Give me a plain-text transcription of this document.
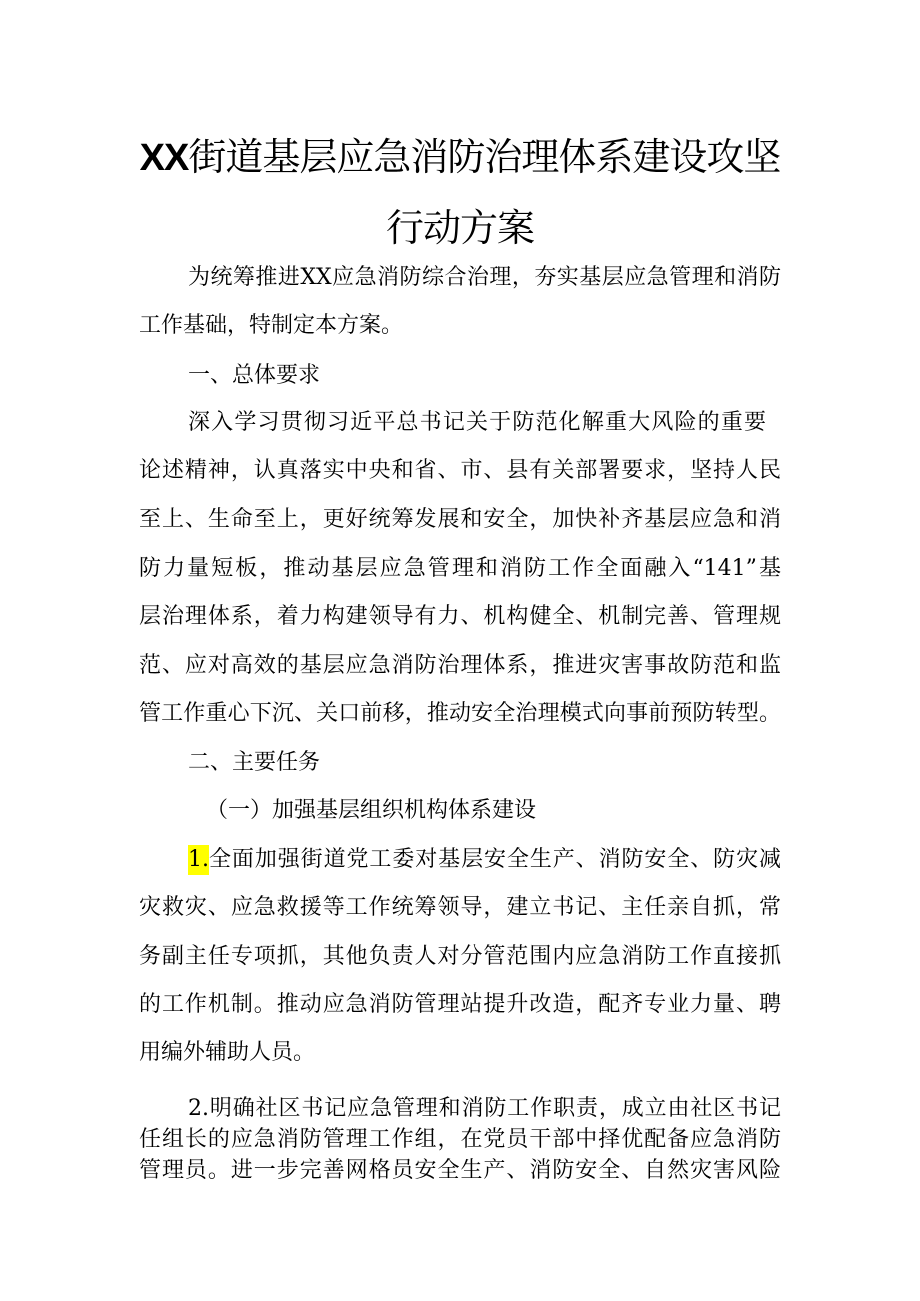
XX街道基层应急消防治理体系建设攻坚
行动方案
为统筹推进XX应急消防综合治理，夯实基层应急管理和消防
工作基础，特制定本方案。
一、总体要求
深入学习贯彻习近平总书记关于防范化解重大风险的重要
论述精神，认真落实中央和省、市、县有关部署要求，坚持人民
至上、生命至上，更好统筹发展和安全，加快补齐基层应急和消
防力量短板，推动基层应急管理和消防工作全面融入“141”基
层治理体系，着力构建领导有力、机构健全、机制完善、管理规
范、应对高效的基层应急消防治理体系，推进灾害事故防范和监
管工作重心下沉、关口前移，推动安全治理模式向事前预防转型。
二、主要任务
（一）加强基层组织机构体系建设
1. 全面加强街道党工委对基层安全生产、消防安全、防灾减
灾救灾、应急救援等工作统筹领导，建立书记、主任亲自抓，常
务副主任专项抓，其他负责人对分管范围内应急消防工作直接抓
的工作机制。推动应急消防管理站提升改造，配齐专业力量、聘
用编外辅助人员。
2.明确社区书记应急管理和消防工作职责，成立由社区书记
任组长的应急消防管理工作组，在党员干部中择优配备应急消防
管理员。进一步完善网格员安全生产、消防安全、自然灾害风险
